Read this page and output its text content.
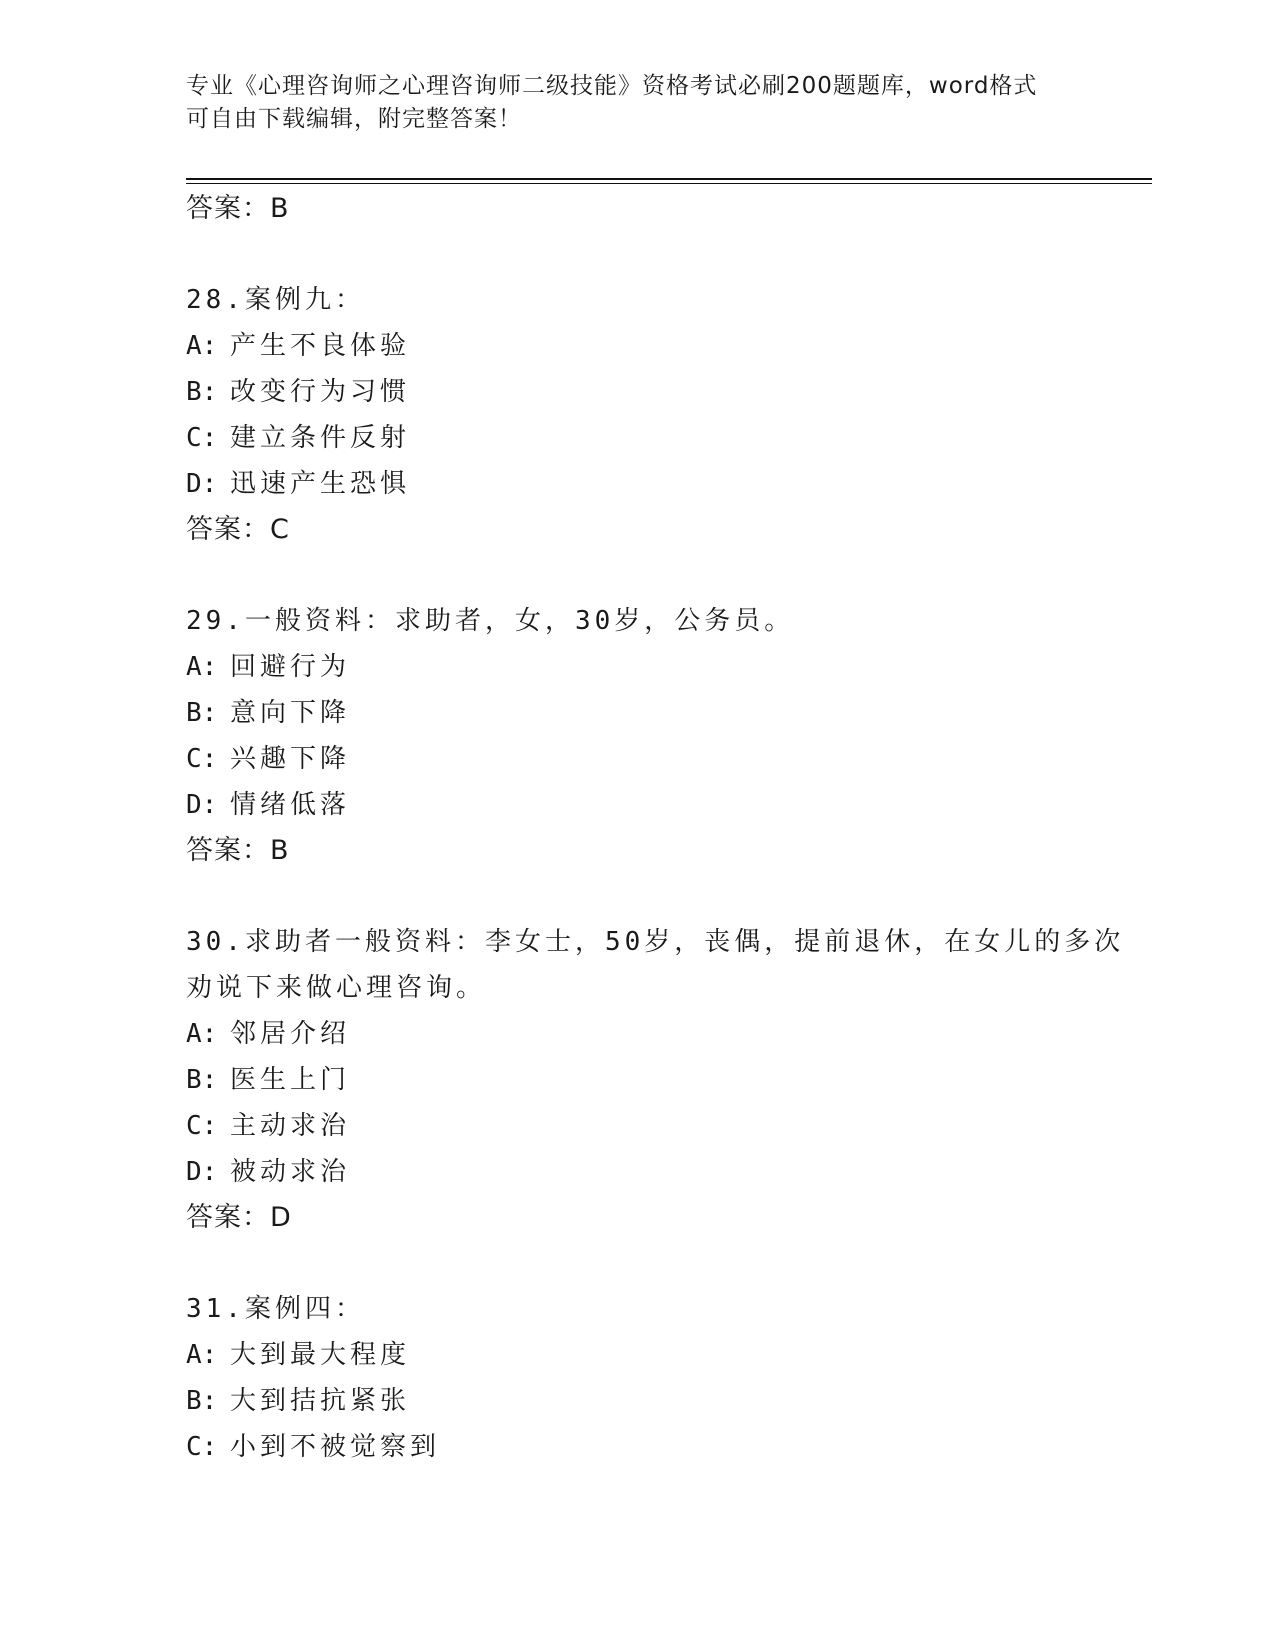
专业《心理咨询师之心理咨询师二级技能》资格考试必刷200题题库，word格式
可自由下载编辑，附完整答案！
答案：B
28.案例九：
A: 产生不良体验
B: 改变行为习惯
C: 建立条件反射
D: 迅速产生恐惧
答案：C
29.一般资料：求助者，女，30岁，公务员。
A: 回避行为
B: 意向下降
C: 兴趣下降
D: 情绪低落
答案：B
30.求助者一般资料：李女士，50岁，丧偶，提前退休，在女儿的多次
劝说下来做心理咨询。
A: 邻居介绍
B: 医生上门
C: 主动求治
D: 被动求治
答案：D
31.案例四：
A: 大到最大程度
B: 大到拮抗紧张
C: 小到不被觉察到
